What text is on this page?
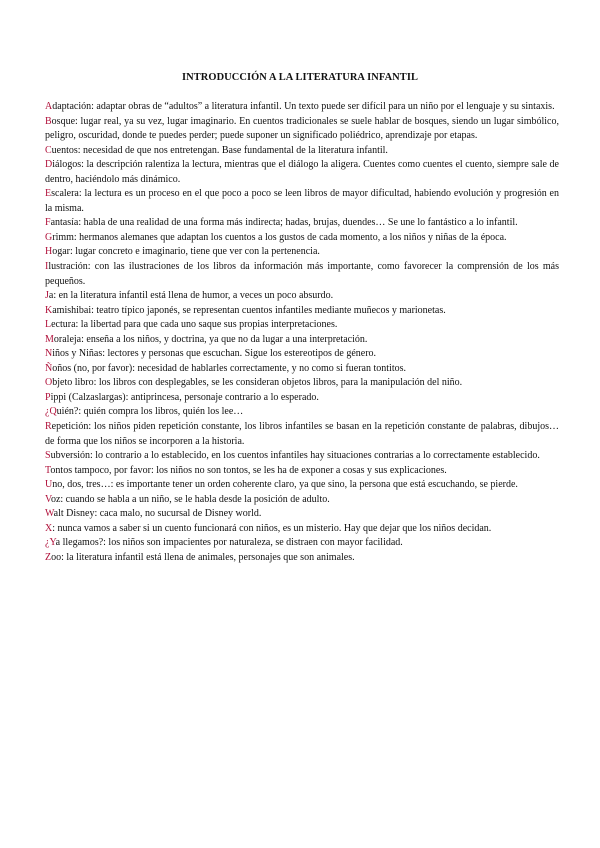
INTRODUCCIÓN A LA LITERATURA INFANTIL

Adaptación: adaptar obras de “adultos” a literatura infantil. Un texto puede ser difícil para un niño por el lenguaje y su sintaxis.

Bosque: lugar real, ya su vez, lugar imaginario. En cuentos tradicionales se suele hablar de bosques, siendo un lugar simbólico, peligro, oscuridad, donde te puedes perder; puede suponer un significado poliédrico, aprendizaje por etapas.

Cuentos: necesidad de que nos entretengan. Base fundamental de la literatura infantil.

Diálogos: la descripción ralentiza la lectura, mientras que el diálogo la aligera. Cuentes como cuentes el cuento, siempre sale de dentro, haciéndolo más dinámico.

Escalera: la lectura es un proceso en el que poco a poco se leen libros de mayor dificultad, habiendo evolución y progresión en la misma.

Fantasía: habla de una realidad de una forma más indirecta; hadas, brujas, duendes… Se une lo fantástico a lo infantil.

Grimm: hermanos alemanes que adaptan los cuentos a los gustos de cada momento, a los niños y niñas de la época.

Hogar: lugar concreto e imaginario, tiene que ver con la pertenencia.

Ilustración: con las ilustraciones de los libros da información más importante, como favorecer la comprensión de los más pequeños.

Ja: en la literatura infantil está llena de humor, a veces un poco absurdo.

Kamishibai: teatro típico japonés, se representan cuentos infantiles mediante muñecos y marionetas.

Lectura: la libertad para que cada uno saque sus propias interpretaciones.

Moraleja: enseña a los niños, y doctrina, ya que no da lugar a una interpretación.

Niños y Niñas: lectores y personas que escuchan. Sigue los estereotipos de género.

Ñoños (no, por favor): necesidad de hablarles correctamente, y no como si fueran tontitos.

Objeto libro: los libros con desplegables, se les consideran objetos libros, para la manipulación del niño.

Pippi (Calzaslargas): antiprincesa, personaje contrario a lo esperado.

¿Quién?: quién compra los libros, quién los lee…

Repetición: los niños piden repetición constante, los libros infantiles se basan en la repetición constante de palabras, dibujos… de forma que los niños se incorporen a la historia.

Subversión: lo contrario a lo establecido, en los cuentos infantiles hay situaciones contrarias a lo correctamente establecido.

Tontos tampoco, por favor: los niños no son tontos, se les ha de exponer a cosas y sus explicaciones.

Uno, dos, tres…: es importante tener un orden coherente claro, ya que sino, la persona que está escuchando, se pierde.

Voz: cuando se habla a un niño, se le habla desde la posición de adulto.

Walt Disney: caca malo, no sucursal de Disney world.

X: nunca vamos a saber si un cuento funcionará con niños, es un misterio. Hay que dejar que los niños decidan.

¿Ya llegamos?: los niños son impacientes por naturaleza, se distraen con mayor facilidad.

Zoo: la literatura infantil está llena de animales, personajes que son animales.
